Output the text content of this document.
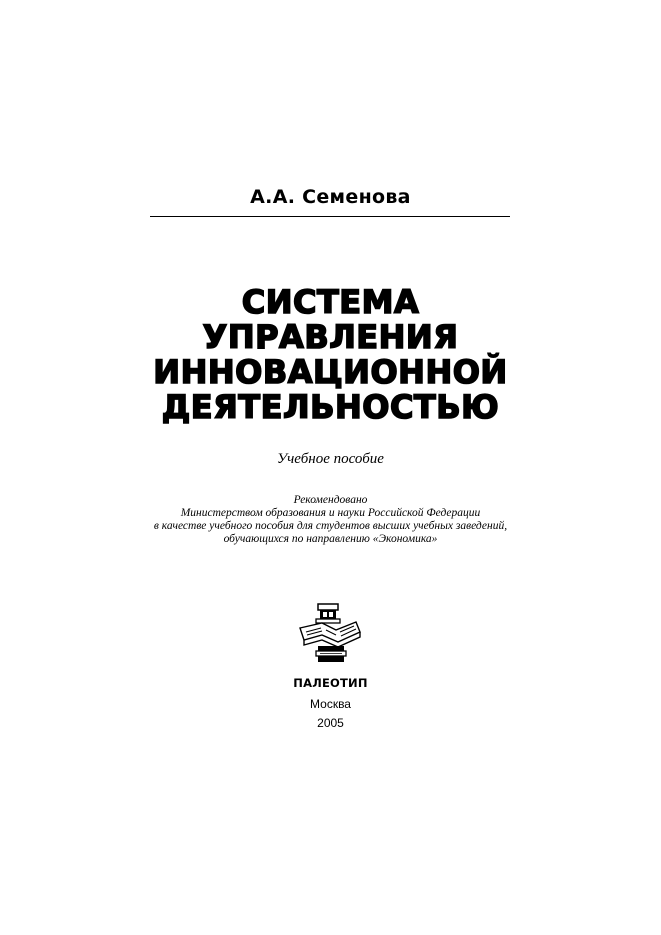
А.А. Семенова
СИСТЕМА
УПРАВЛЕНИЯ
ИННОВАЦИОННОЙ
ДЕЯТЕЛЬНОСТЬЮ
Учебное пособие
Рекомендовано
Министерством образования и науки Российской Федерации
в качестве учебного пособия для студентов высших учебных заведений,
обучающихся по направлению «Экономика»
ПАЛЕОТИП
Москва
2005
